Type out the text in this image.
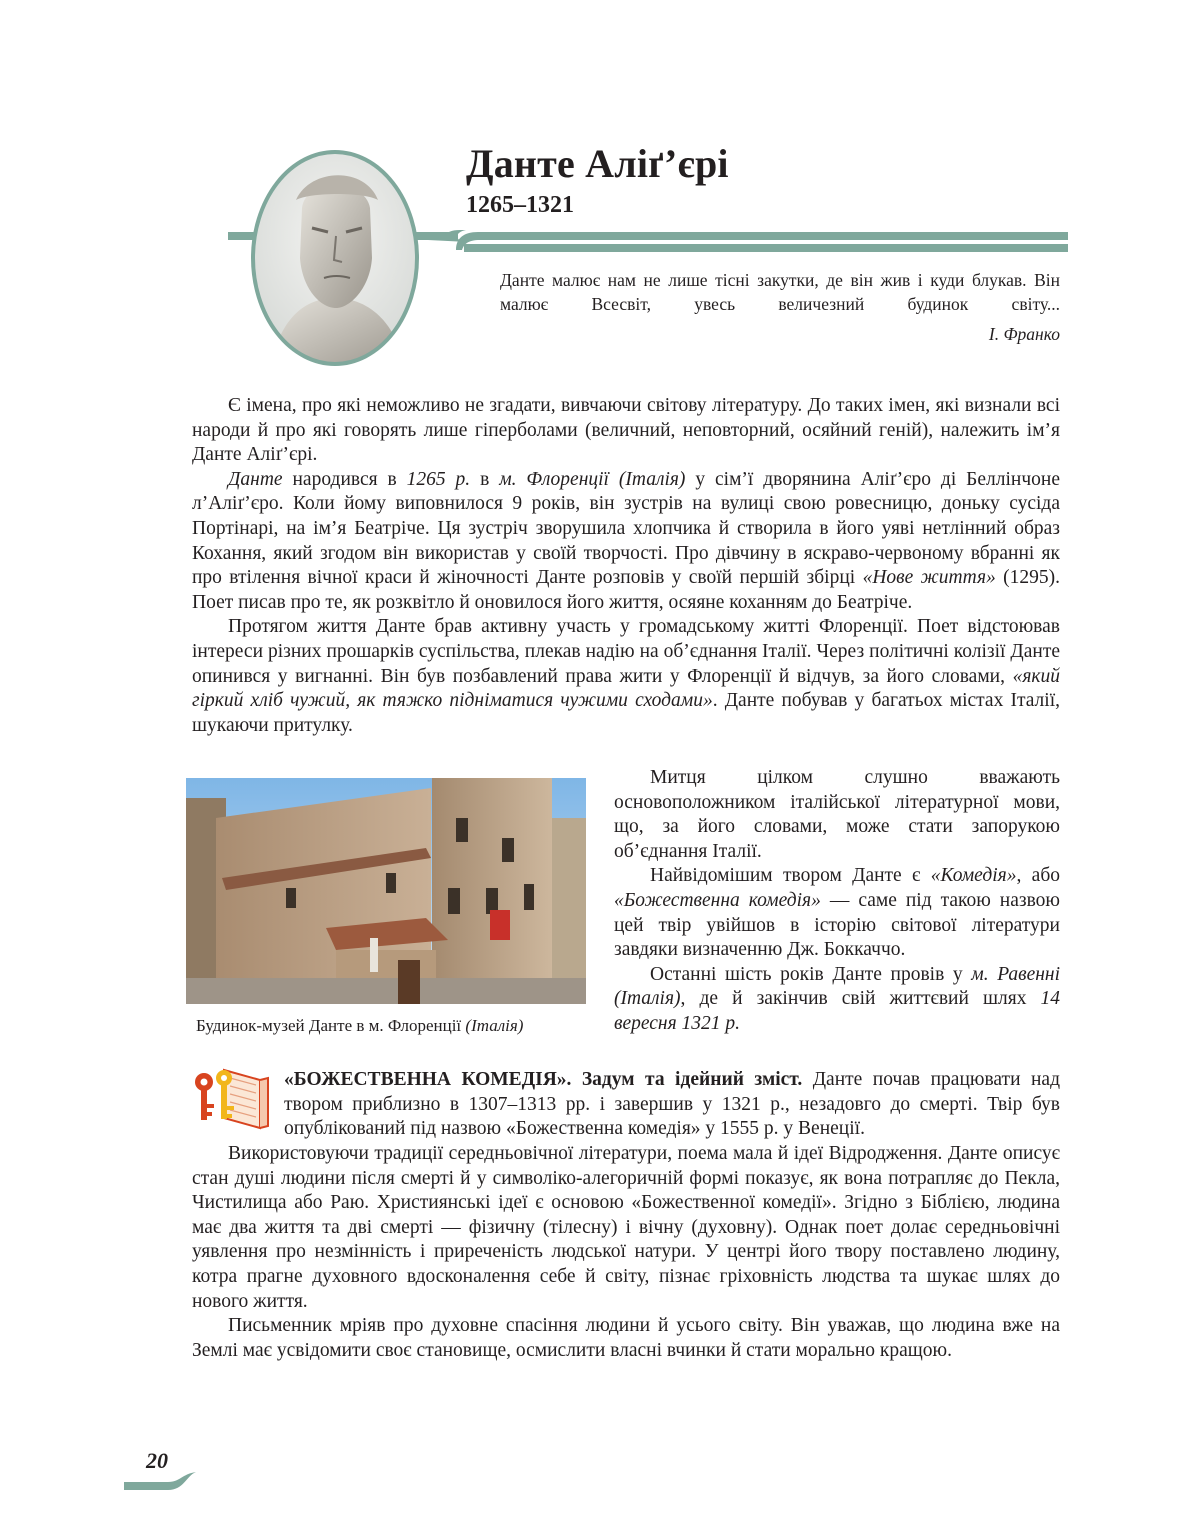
Данте Аліґ’єрі
1265–1321

Данте малює нам не лише тісні закутки, де він жив і куди блукав. Він малює Всесвіт, увесь величезний будинок світу...

І. Франко

Є імена, про які неможливо не згадати, вивчаючи світову літературу. До таких імен, які визнали всі народи й про які говорять лише гіперболами (величний, неповторний, осяйний геній), належить ім’я Данте Аліґ’єрі.

Данте народився в 1265 р. в м. Флоренції (Італія) у сім’ї дворянина Аліґ’єро ді Беллінчоне л’Аліґ’єро. Коли йому виповнилося 9 років, він зустрів на вулиці свою ровесницю, доньку сусіда Портінарі, на ім’я Беатріче. Ця зустріч зворушила хлопчика й створила в його уяві нетлінний образ Кохання, який згодом він використав у своїй творчості. Про дівчину в яскраво-червоному вбранні як про втілення вічної краси й жіночності Данте розповів у своїй першій збірці «Нове життя» (1295). Поет писав про те, як розквітло й оновилося його життя, осяяне коханням до Беатріче.

Протягом життя Данте брав активну участь у громадському житті Флоренції. Поет відстоював інтереси різних прошарків суспільства, плекав надію на об’єднання Італії. Через політичні колізії Данте опинився у вигнанні. Він був позбавлений права жити у Флоренції й відчув, за його словами, «який гіркий хліб чужий, як тяжко підніматися чужими сходами». Данте побував у багатьох містах Італії, шукаючи притулку.

Будинок-музей Данте в м. Флоренції (Італія)

Митця цілком слушно вважають основоположником італійської літературної мови, що, за його словами, може стати запорукою об’єднання Італії.

Найвідомішим твором Данте є «Комедія», або «Божественна комедія» — саме під такою назвою цей твір увійшов в історію світової літератури завдяки визначенню Дж. Боккаччо.

Останні шість років Данте провів у м. Равенні (Італія), де й закінчив свій життєвий шлях 14 вересня 1321 р.

«БОЖЕСТВЕННА КОМЕДІЯ». Задум та ідейний зміст. Данте почав працювати над твором приблизно в 1307–1313 рр. і завершив у 1321 р., незадовго до смерті. Твір був опублікований під назвою «Божественна комедія» у 1555 р. у Венеції.

Використовуючи традиції середньовічної літератури, поема мала й ідеї Відродження. Данте описує стан душі людини після смерті й у символіко-алегоричній формі показує, як вона потрапляє до Пекла, Чистилища або Раю. Християнські ідеї є основою «Божественної комедії». Згідно з Біблією, людина має два життя та дві смерті — фізичну (тілесну) і вічну (духовну). Однак поет долає середньовічні уявлення про незмінність і приреченість людської натури. У центрі його твору поставлено людину, котра прагне духовного вдосконалення себе й світу, пізнає гріховність людства та шукає шлях до нового життя.

Письменник мріяв про духовне спасіння людини й усього світу. Він уважав, що людина вже на Землі має усвідомити своє становище, осмислити власні вчинки й стати морально кращою.

20
